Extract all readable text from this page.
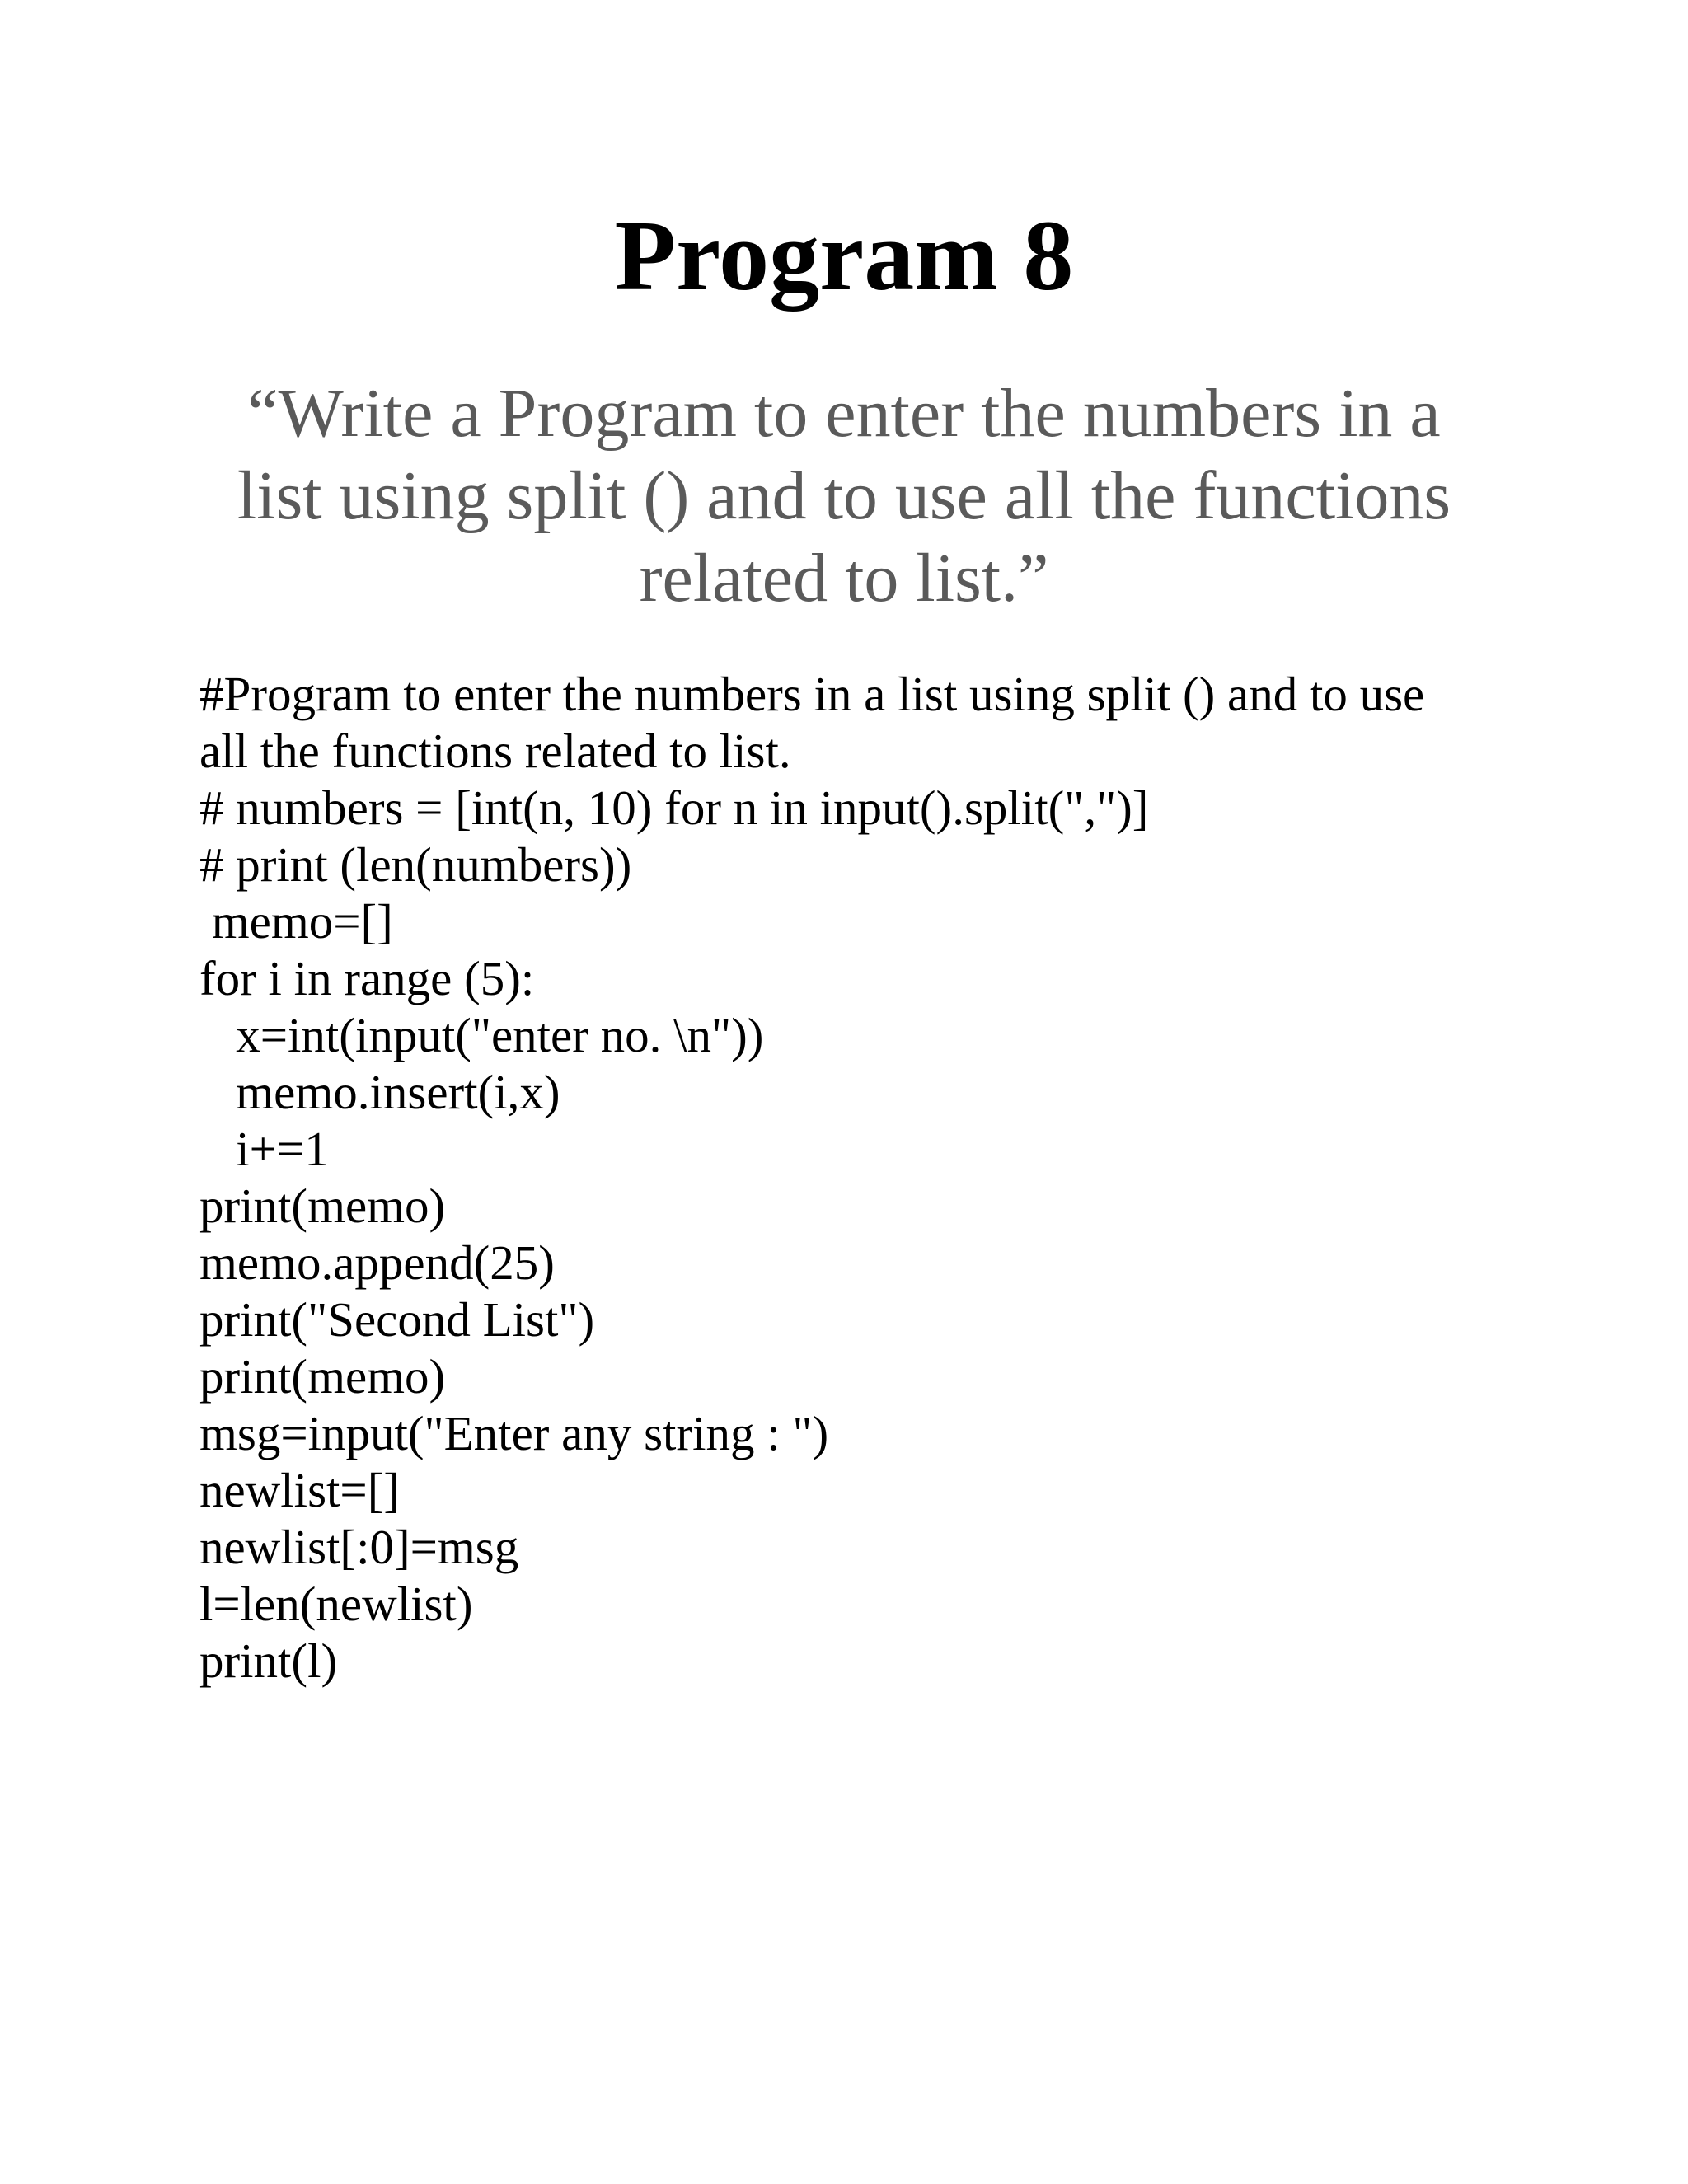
Program 8
“Write a Program to enter the numbers in a
list using split () and to use all the functions
related to list.”
#Program to enter the numbers in a list using split () and to use
all the functions related to list.
# numbers = [int(n, 10) for n in input().split(",")]
# print (len(numbers))
memo=[]
for i in range (5):
x=int(input("enter no. \n"))
memo.insert(i,x)
i+=1
print(memo)
memo.append(25)
print("Second List")
print(memo)
msg=input("Enter any string : ")
newlist=[]
newlist[:0]=msg
l=len(newlist)
print(l)
